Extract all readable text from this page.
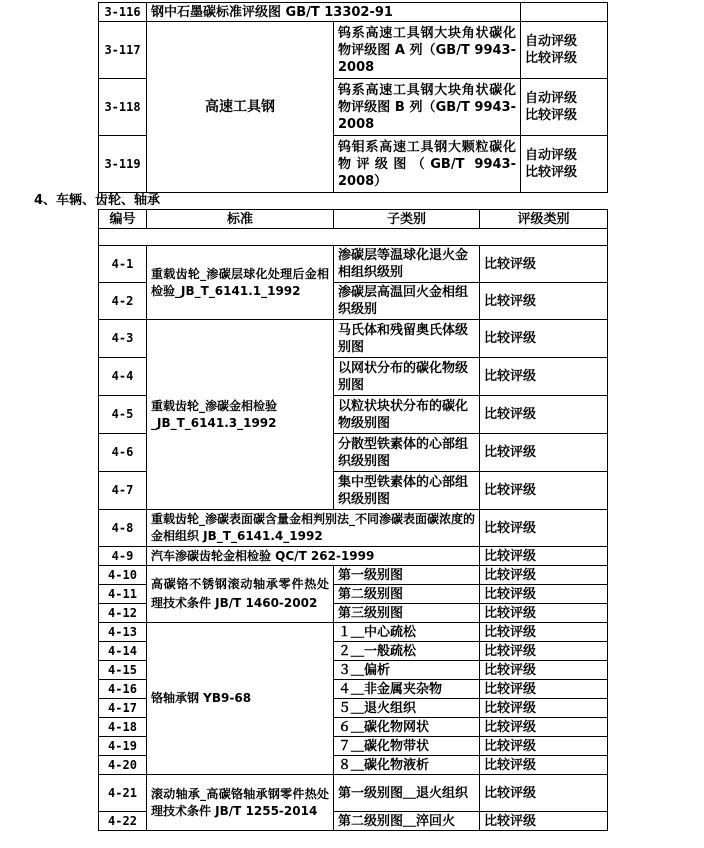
3-116	钢中石墨碳标准评级图 GB/T 13302-91		
3-117	高速工具钢	钨系高速工具钢大块角状碳化物评级图 A 列（GB/T 9943-2008	自动评级
比较评级
3-118		钨系高速工具钢大块角状碳化物评级图 B 列（GB/T 9943-2008	自动评级
比较评级
3-119		钨钼系高速工具钢大颗粒碳化物评级图（GB/T 9943-2008）	自动评级
比较评级
4、车辆、齿轮、轴承
编号	标准	子类别	评级类别

4-1	重载齿轮_渗碳层球化处理后金相检验_JB_T_6141.1_1992	渗碳层等温球化退火金相组织级别	比较评级
4-2		渗碳层高温回火金相组织级别	比较评级
4-3	重载齿轮_渗碳金相检验_JB_T_6141.3_1992	马氏体和残留奥氏体级别图	比较评级
4-4		以网状分布的碳化物级别图	比较评级
4-5		以粒状块状分布的碳化物级别图	比较评级
4-6		分散型铁素体的心部组织级别图	比较评级
4-7		集中型铁素体的心部组织级别图	比较评级
4-8	重载齿轮_渗碳表面碳含量金相判别法_不同渗碳表面碳浓度的金相组织 JB_T_6141.4_1992		比较评级
4-9	汽车渗碳齿轮金相检验 QC/T 262-1999		比较评级
4-10	高碳铬不锈钢滚动轴承零件热处理技术条件 JB/T 1460-2002	第一级别图	比较评级
4-11		第二级别图	比较评级
4-12		第三级别图	比较评级
4-13	铬轴承钢 YB9-68	１＿中心疏松	比较评级
4-14		２＿一般疏松	比较评级
4-15		３＿偏析	比较评级
4-16		４＿非金属夹杂物	比较评级
4-17		５＿退火组织	比较评级
4-18		６＿碳化物网状	比较评级
4-19		７＿碳化物带状	比较评级
4-20		８＿碳化物液析	比较评级
4-21	滚动轴承_高碳铬轴承钢零件热处理技术条件 JB/T 1255-2014	第一级别图＿退火组织	比较评级
4-22		第二级别图＿淬回火	比较评级
